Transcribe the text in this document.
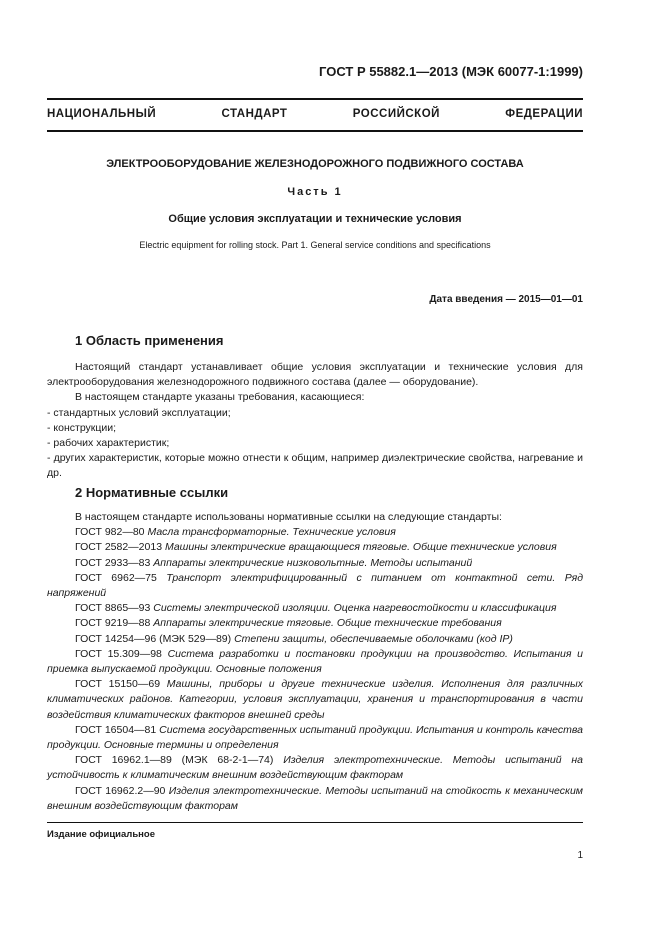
ГОСТ Р 55882.1—2013 (МЭК 60077-1:1999)
НАЦИОНАЛЬНЫЙ СТАНДАРТ РОССИЙСКОЙ ФЕДЕРАЦИИ
ЭЛЕКТРООБОРУДОВАНИЕ ЖЕЛЕЗНОДОРОЖНОГО ПОДВИЖНОГО СОСТАВА
Часть 1
Общие условия эксплуатации и технические условия
Electric equipment for rolling stock. Part 1. General service conditions and specifications
Дата введения — 2015—01—01
1 Область применения

Настоящий стандарт устанавливает общие условия эксплуатации и технические условия для электрооборудования железнодорожного подвижного состава (далее — оборудование).

В настоящем стандарте указаны требования, касающиеся:

- стандартных условий эксплуатации;

- конструкции;

- рабочих характеристик;

- других характеристик, которые можно отнести к общим, например диэлектрические свойства, нагревание и др.

2 Нормативные ссылки

В настоящем стандарте использованы нормативные ссылки на следующие стандарты:

ГОСТ 982—80 Масла трансформаторные. Технические условия

ГОСТ 2582—2013 Машины электрические вращающиеся тяговые. Общие технические условия

ГОСТ 2933—83 Аппараты электрические низковольтные. Методы испытаний

ГОСТ 6962—75 Транспорт электрифицированный с питанием от контактной сети. Ряд напряжений

ГОСТ 8865—93 Системы электрической изоляции. Оценка нагревостойкости и классификация

ГОСТ 9219—88 Аппараты электрические тяговые. Общие технические требования

ГОСТ 14254—96 (МЭК 529—89) Степени защиты, обеспечиваемые оболочками (код IP)

ГОСТ 15.309—98 Система разработки и постановки продукции на производство. Испытания и приемка выпускаемой продукции. Основные положения

ГОСТ 15150—69 Машины, приборы и другие технические изделия. Исполнения для различных климатических районов. Категории, условия эксплуатации, хранения и транспортирования в части воздействия климатических факторов внешней среды

ГОСТ 16504—81 Система государственных испытаний продукции. Испытания и контроль качества продукции. Основные термины и определения

ГОСТ 16962.1—89 (МЭК 68-2-1—74) Изделия электротехнические. Методы испытаний на устойчивость к климатическим внешним воздействующим факторам

ГОСТ 16962.2—90 Изделия электротехнические. Методы испытаний на стойкость к механическим внешним воздействующим факторам

Издание официальное
1
